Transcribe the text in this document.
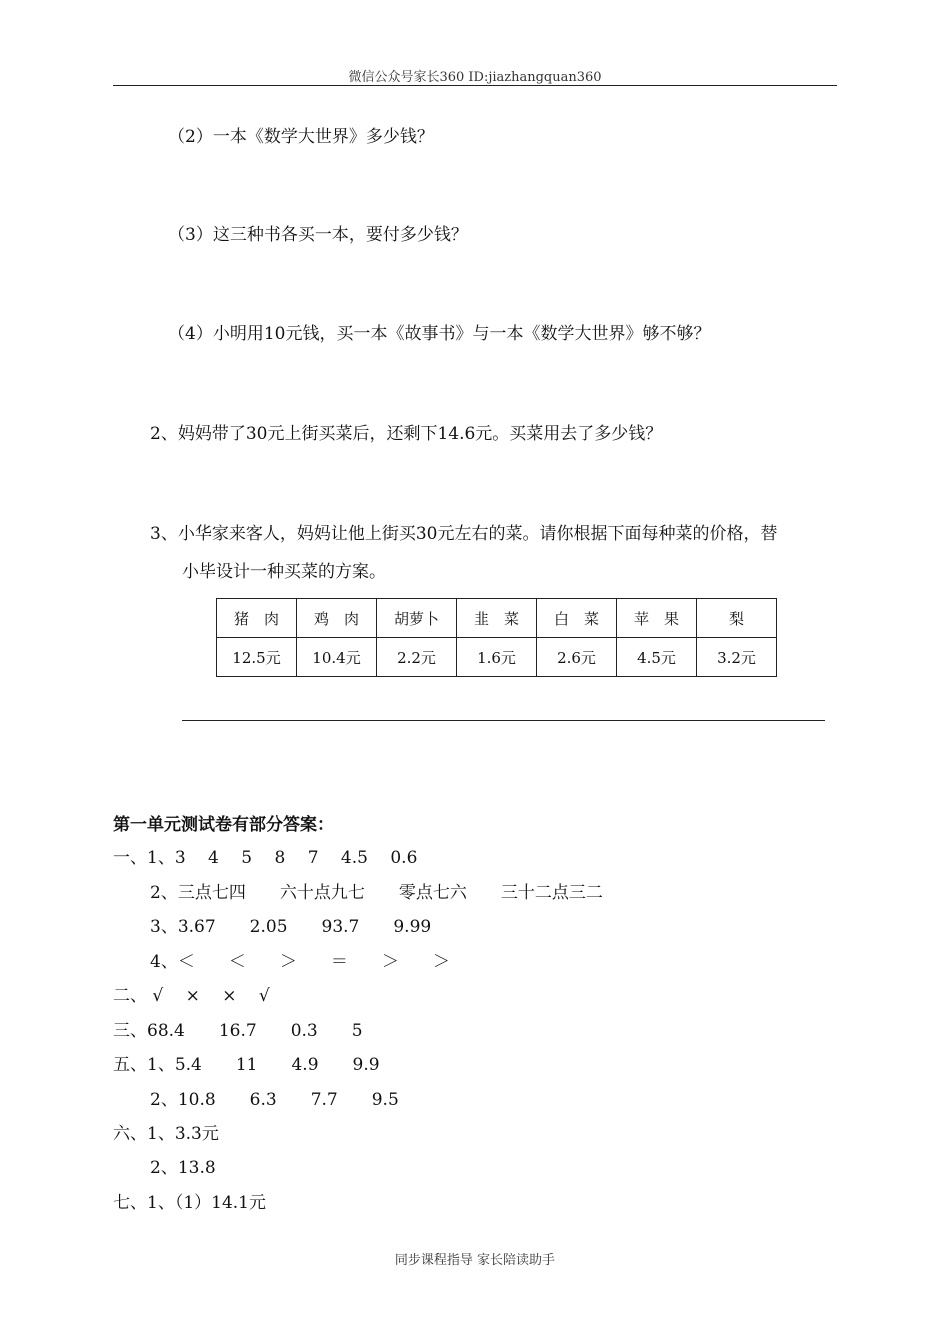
微信公众号家长360 ID:jiazhangquan360
（2）一本《数学大世界》多少钱？
（3）这三种书各买一本，要付多少钱？
（4）小明用10元钱，买一本《故事书》与一本《数学大世界》够不够？
2、妈妈带了30元上街买菜后，还剩下14.6元。买菜用去了多少钱？
3、小华家来客人，妈妈让他上街买30元左右的菜。请你根据下面每种菜的价格，替
小毕设计一种买菜的方案。
猪　肉	鸡　肉	胡萝卜	韭　菜	白　菜	苹　果	梨
12.5元	10.4元	2.2元	1.6元	2.6元	4.5元	3.2元
第一单元测试卷有部分答案：
一、1、3　 4 　5 　8　 7 　4.5 　0.6
2、三点七四　　六十点九七　　零点七六　　三十二点三二
3、3.67　　2.05　　93.7　　9.99
4、＜　　＜　　＞　　＝　　＞　　＞
二、 √　 ×　 ×　 √
三、68.4　　16.7　　0.3　　5
五、1、5.4　　11　　4.9　　9.9
2、10.8　　6.3　　7.7　　9.5
六、1、3.3元
2、13.8
七、1、（1）14.1元
同步课程指导 家长陪读助手
